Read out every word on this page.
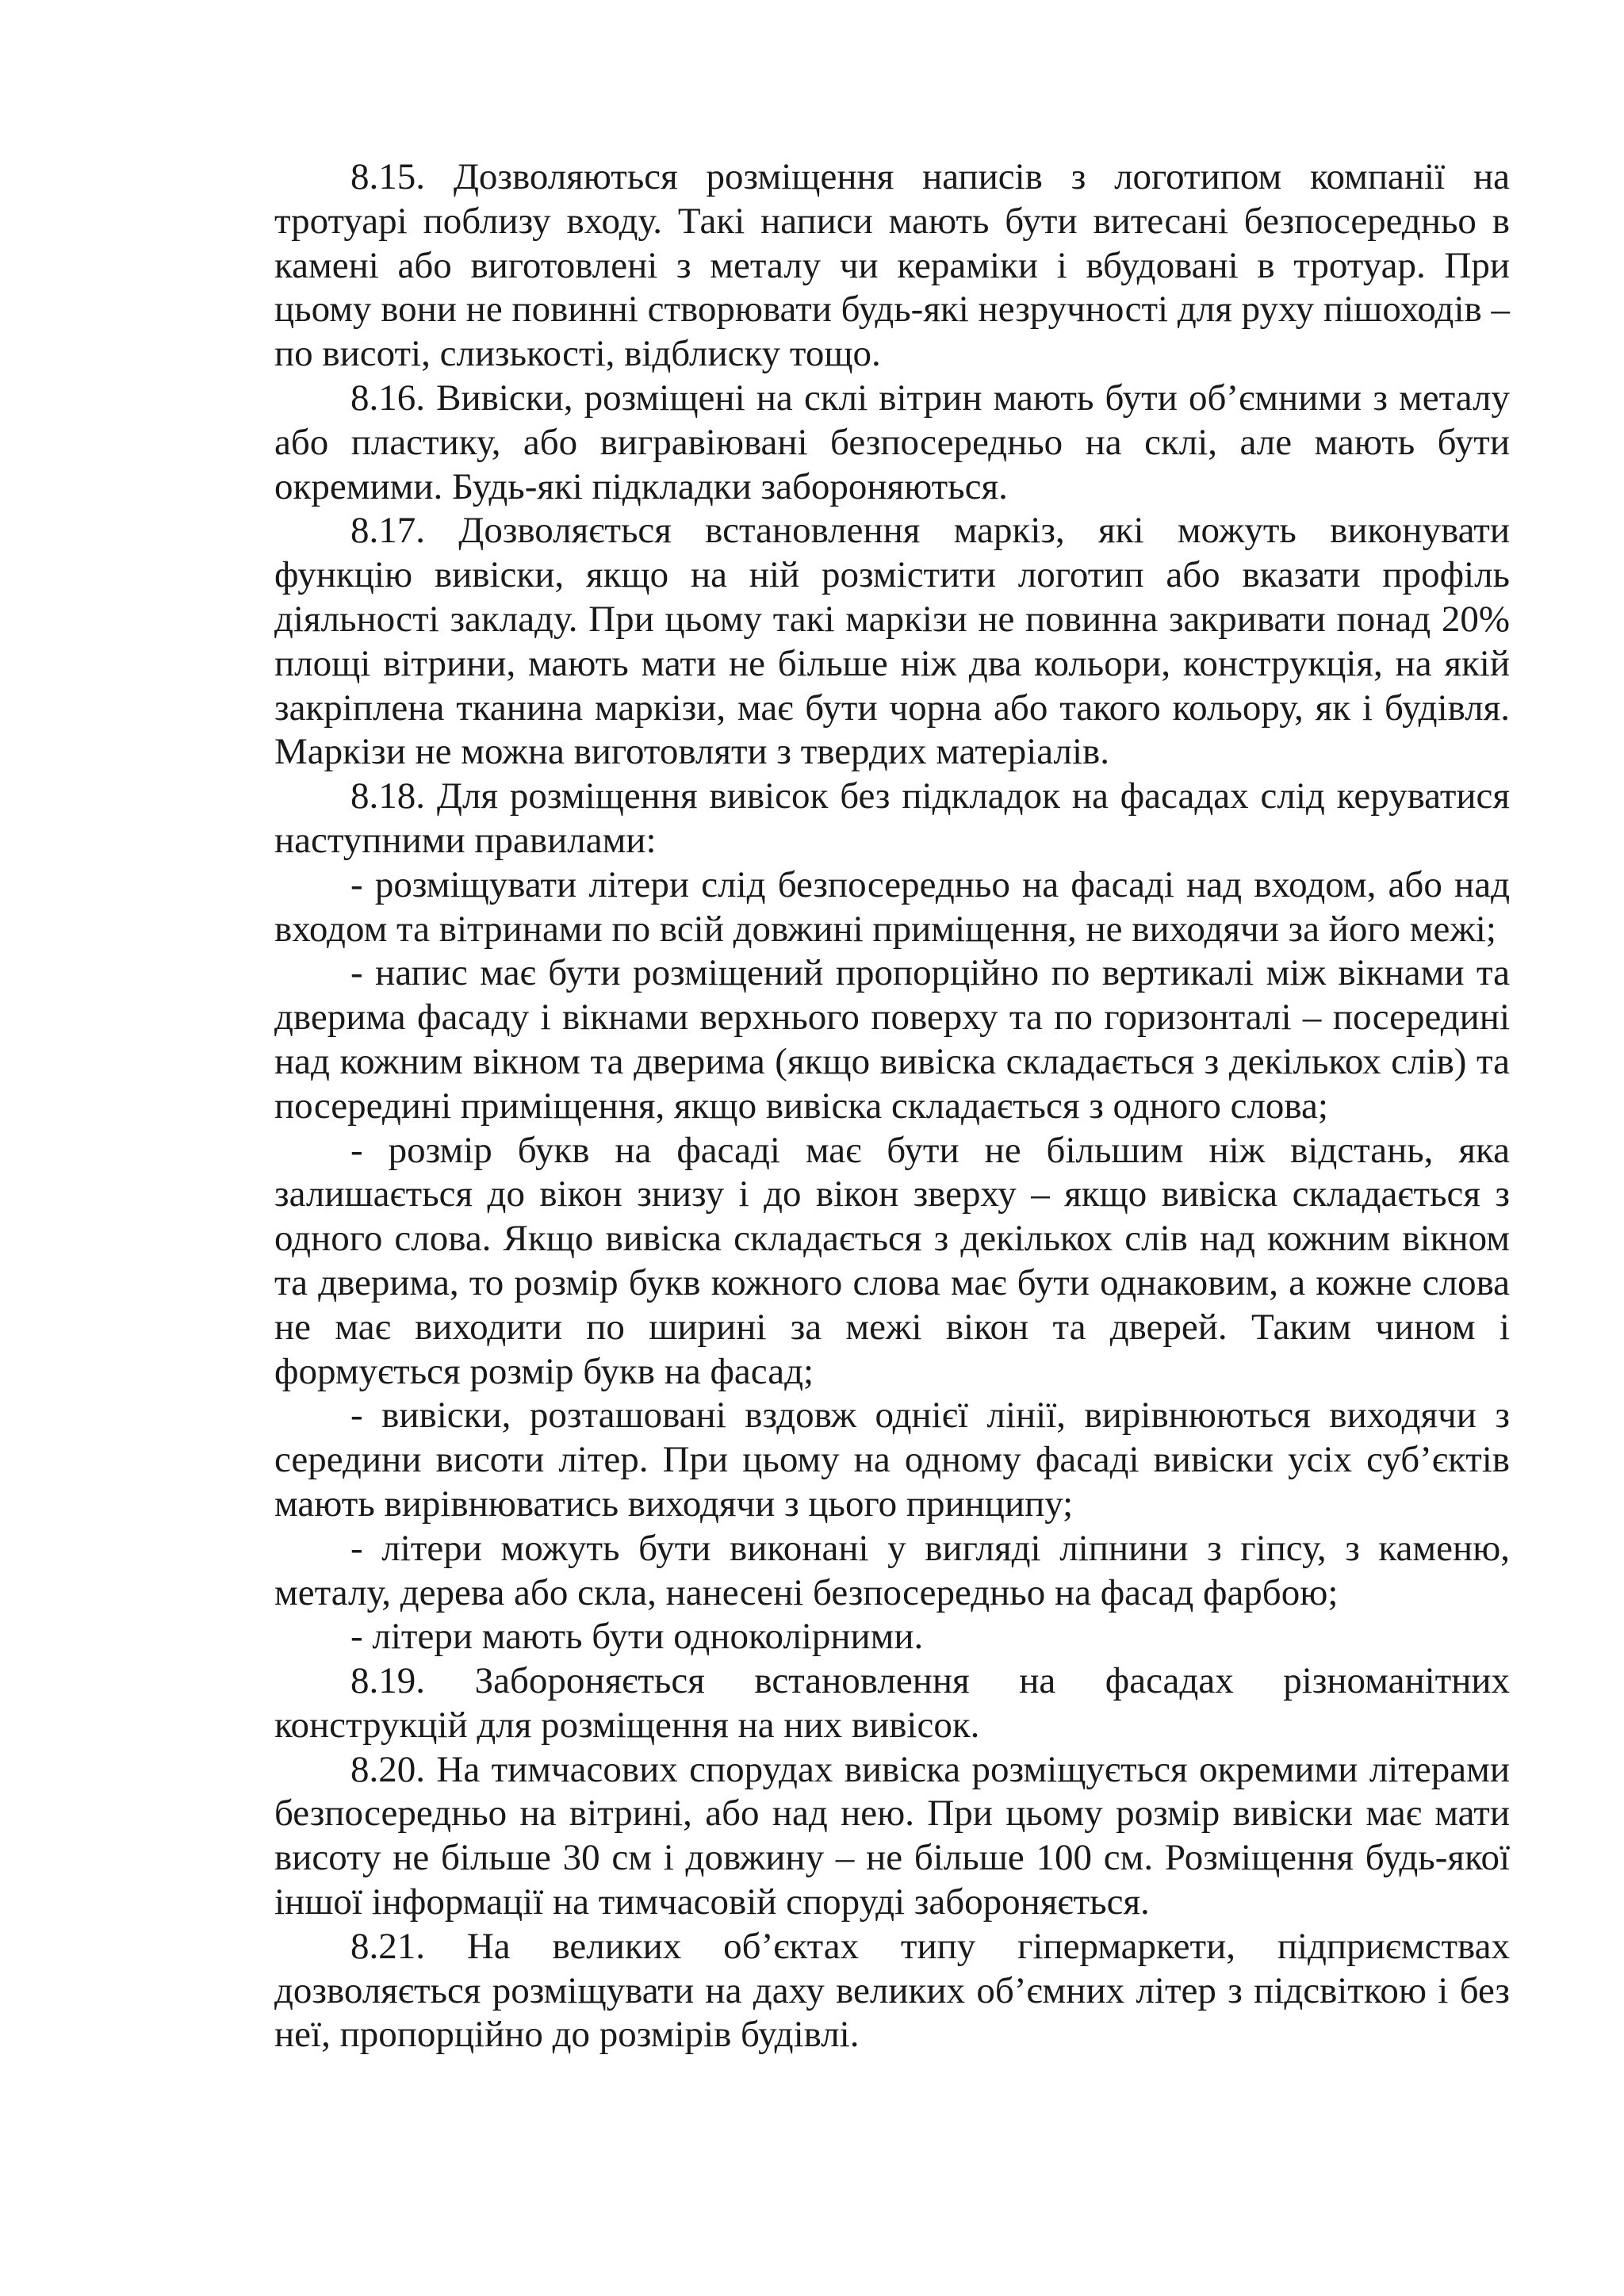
8.15. Дозволяються розміщення написів з логотипом компанії на тротуарі поблизу входу. Такі написи мають бути витесані безпосередньо в камені або виготовлені з металу чи кераміки і вбудовані в тротуар. При цьому вони не повинні створювати будь-які незручності для руху пішоходів – по висоті, слизькості, відблиску тощо.

8.16. Вивіски, розміщені на склі вітрин мають бути об’ємними з металу або пластику, або вигравіювані безпосередньо на склі, але мають бути окремими. Будь-які підкладки забороняються.

8.17. Дозволяється встановлення маркіз, які можуть виконувати функцію вивіски, якщо на ній розмістити логотип або вказати профіль діяльності закладу. При цьому такі маркізи не повинна закривати понад 20% площі вітрини, мають мати не більше ніж два кольори, конструкція, на якій закріплена тканина маркізи, має бути чорна або такого кольору, як і будівля. Маркізи не можна виготовляти з твердих матеріалів.

8.18. Для розміщення вивісок без підкладок на фасадах слід керуватися наступними правилами:

- розміщувати літери слід безпосередньо на фасаді над входом, або над входом та вітринами по всій довжині приміщення, не виходячи за його межі;

- напис має бути розміщений пропорційно по вертикалі між вікнами та дверима фасаду і вікнами верхнього поверху та по горизонталі – посередині над кожним вікном та дверима (якщо вивіска складається з декількох слів) та посередині приміщення, якщо вивіска складається з одного слова;

- розмір букв на фасаді має бути не більшим ніж відстань, яка залишається до вікон знизу і до вікон зверху – якщо вивіска складається з одного слова. Якщо вивіска складається з декількох слів над кожним вікном та дверима, то розмір букв кожного слова має бути однаковим, а кожне слова не має виходити по ширині за межі вікон та дверей. Таким чином і формується розмір букв на фасад;

- вивіски, розташовані вздовж однієї лінії, вирівнюються виходячи з середини висоти літер. При цьому на одному фасаді вивіски усіх суб’єктів мають вирівнюватись виходячи з цього принципу;

- літери можуть бути виконані у вигляді ліпнини з гіпсу, з каменю, металу, дерева або скла, нанесені безпосередньо на фасад фарбою;

- літери мають бути одноколірними.

8.19. Забороняється встановлення на фасадах різноманітних конструкцій для розміщення на них вивісок.

8.20. На тимчасових спорудах вивіска розміщується окремими літерами безпосередньо на вітрині, або над нею. При цьому розмір вивіски має мати висоту не більше 30 см і довжину – не більше 100 см. Розміщення будь-якої іншої інформації на тимчасовій споруді забороняється.

8.21. На великих об’єктах типу гіпермаркети, підприємствах дозволяється розміщувати на даху великих об’ємних літер з підсвіткою і без неї, пропорційно до розмірів будівлі.
